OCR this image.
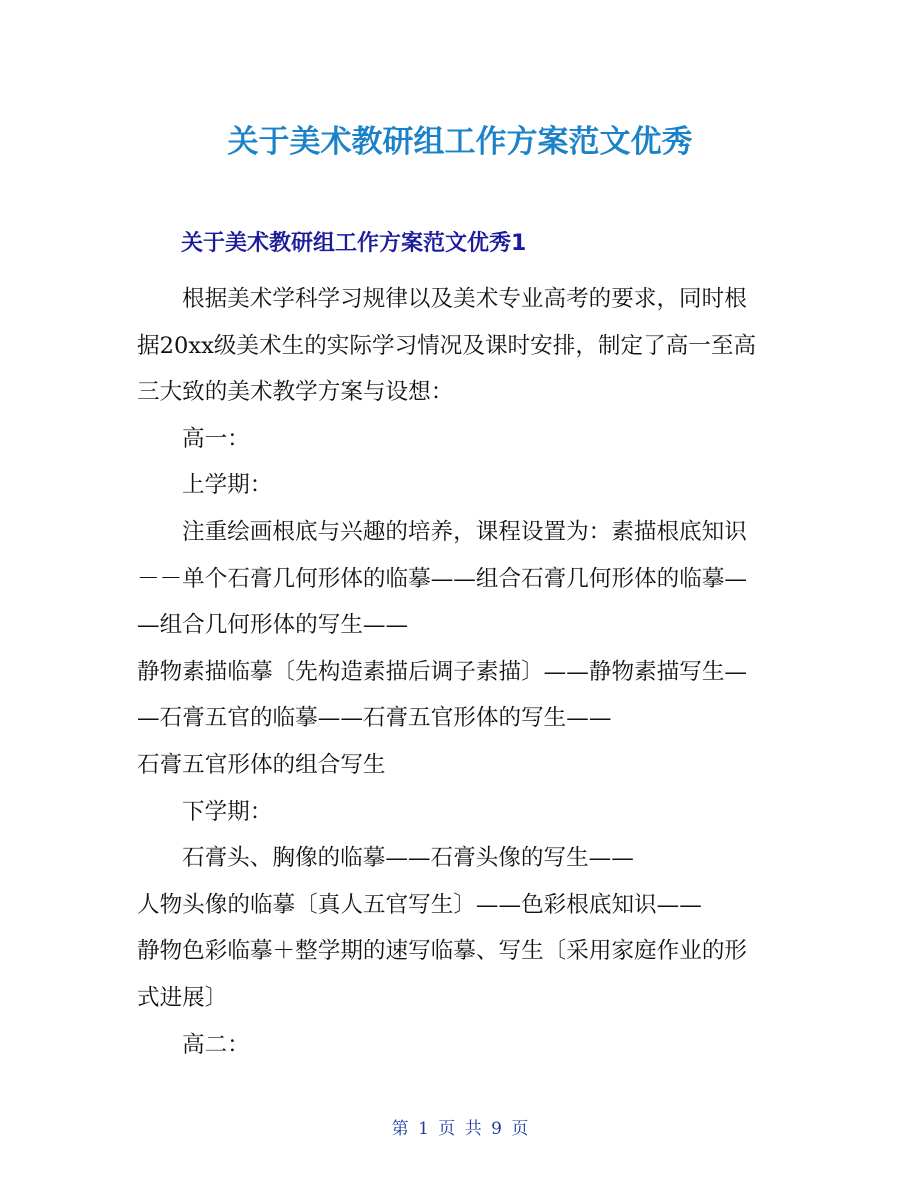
关于美术教研组工作方案范文优秀
关于美术教研组工作方案范文优秀1
根据美术学科学习规律以及美术专业高考的要求，同时根
据20xx级美术生的实际学习情况及课时安排，制定了高一至高
三大致的美术教学方案与设想：
高一：
上学期：
注重绘画根底与兴趣的培养，课程设置为：素描根底知识
－－单个石膏几何形体的临摹——组合石膏几何形体的临摹—
—组合几何形体的写生——
静物素描临摹〔先构造素描后调子素描〕——静物素描写生—
—石膏五官的临摹——石膏五官形体的写生——
石膏五官形体的组合写生
下学期：
石膏头、胸像的临摹——石膏头像的写生——
人物头像的临摹〔真人五官写生〕——色彩根底知识——
静物色彩临摹＋整学期的速写临摹、写生〔采用家庭作业的形
式进展〕
高二：
第 1 页 共 9 页
